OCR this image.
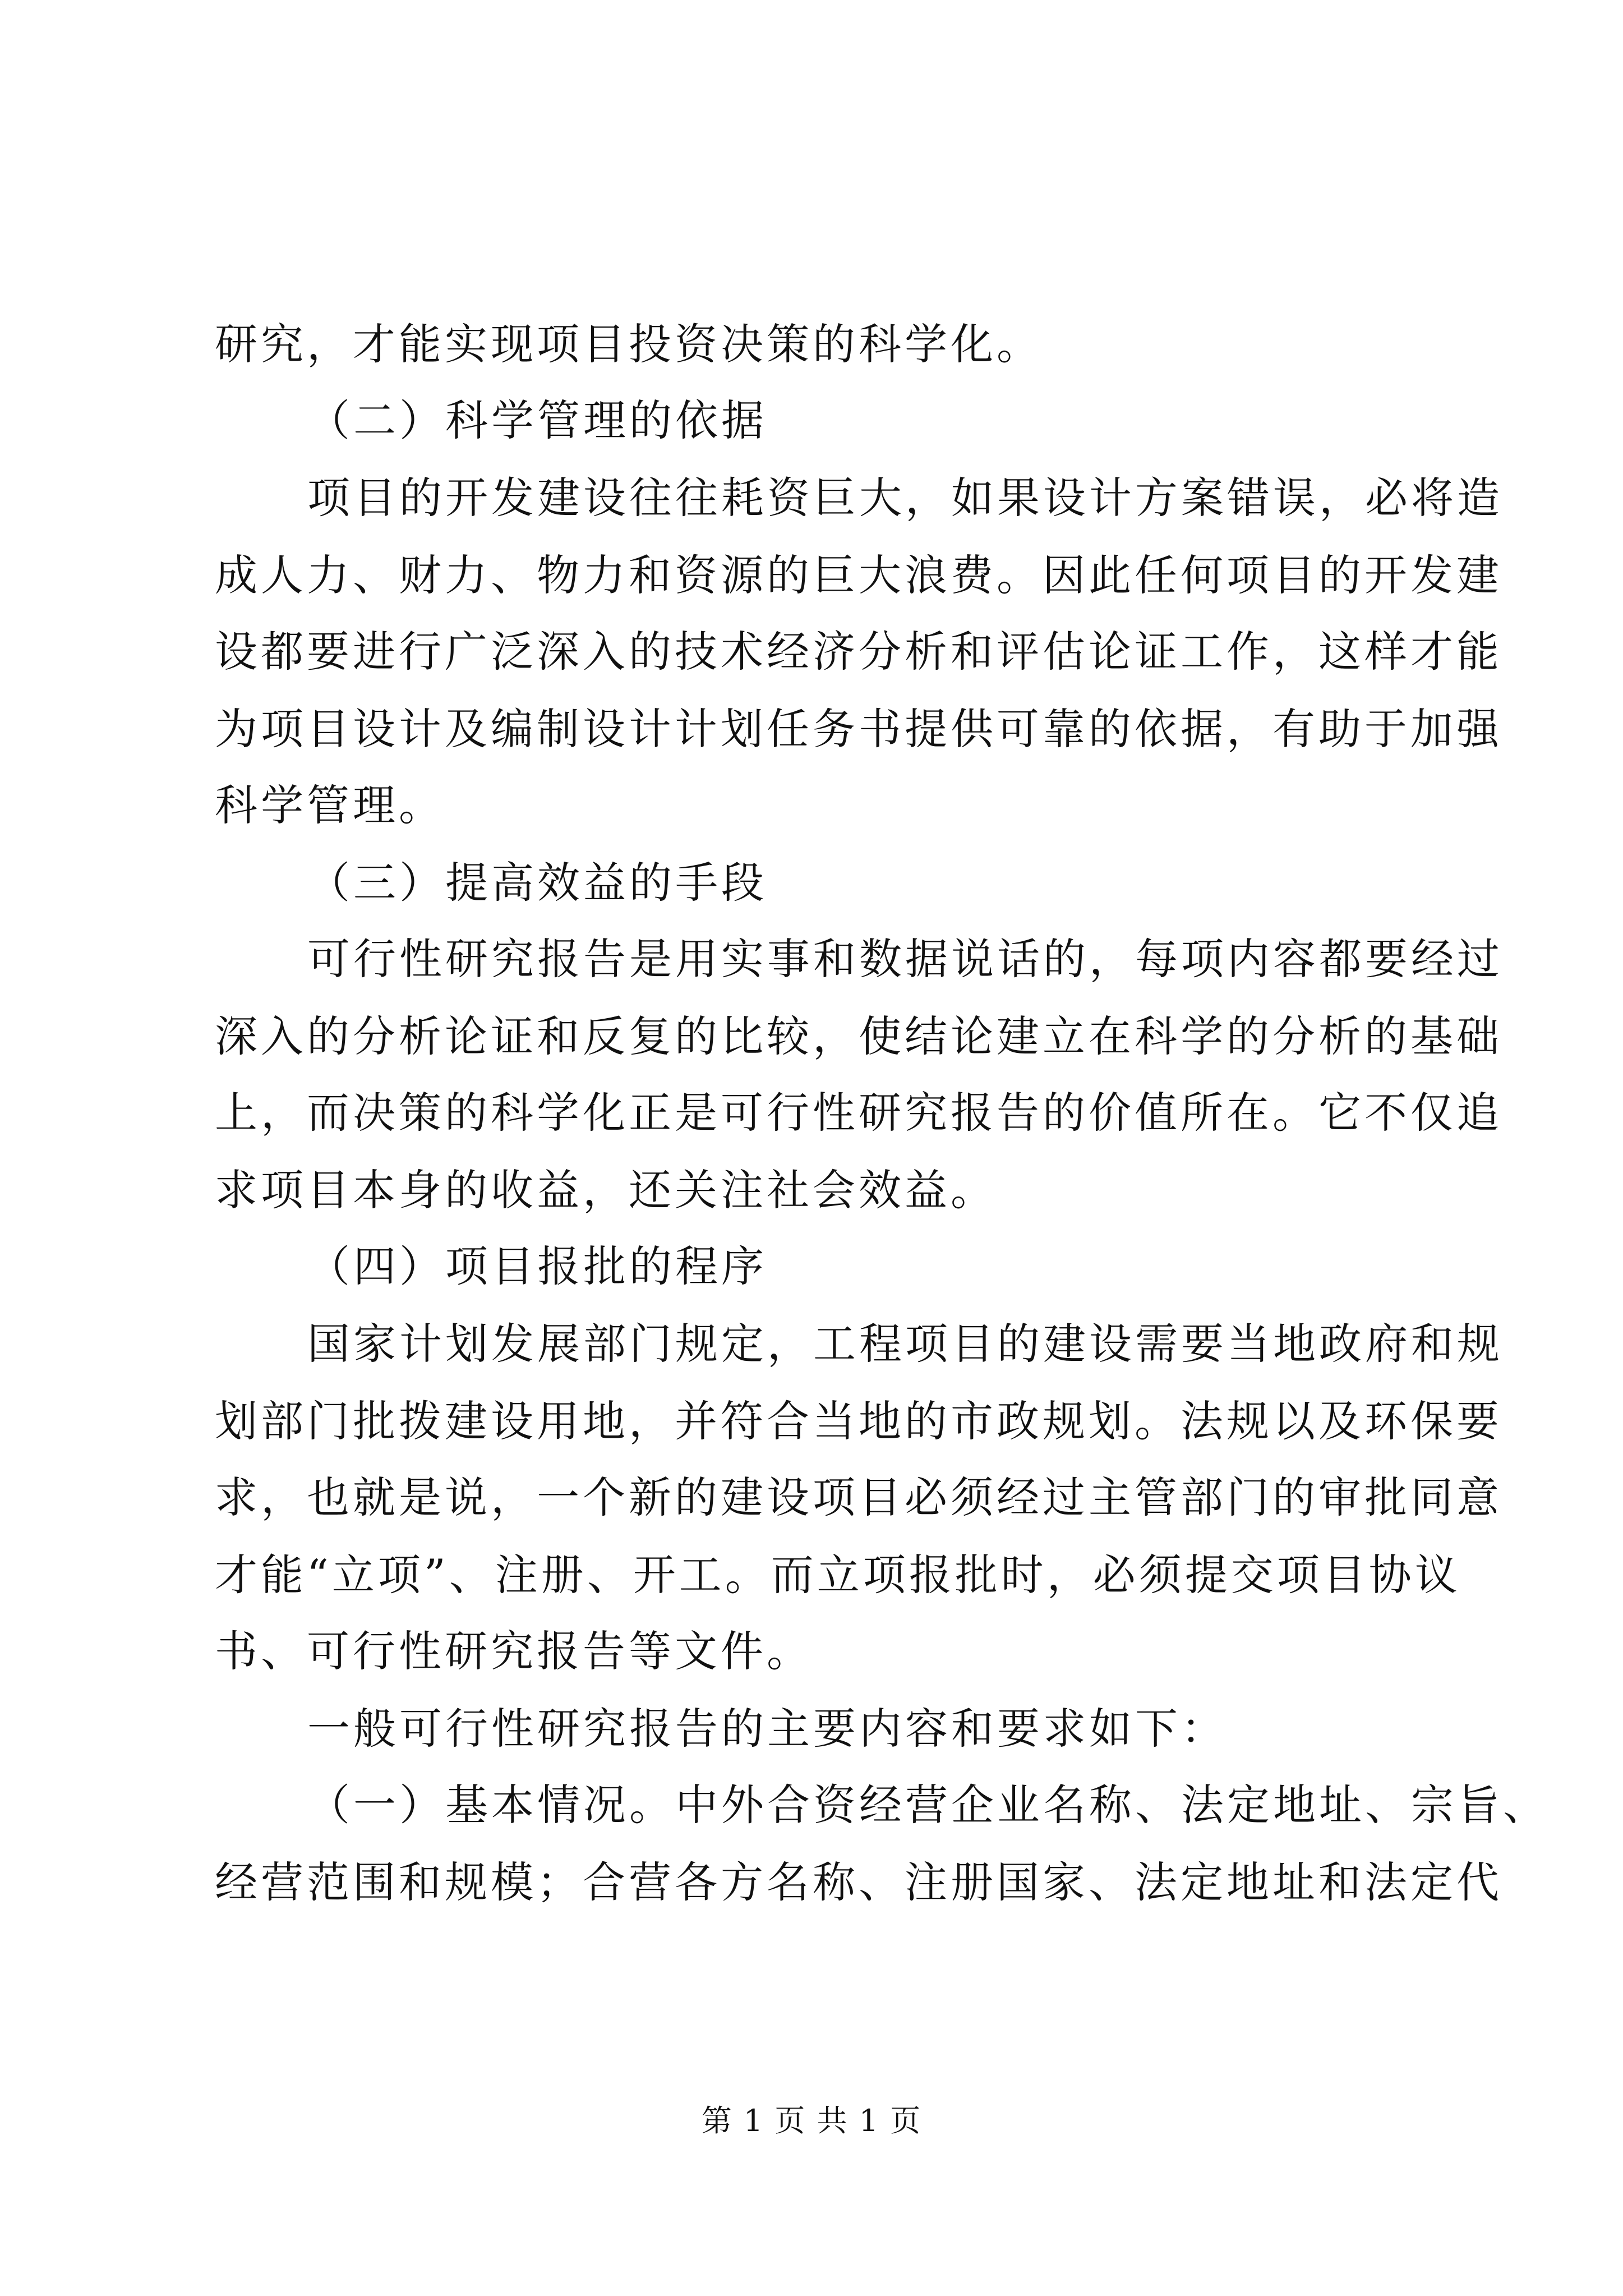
研究，才能实现项目投资决策的科学化。
（二）科学管理的依据
项目的开发建设往往耗资巨大，如果设计方案错误，必将造
成人力、财力、物力和资源的巨大浪费。因此任何项目的开发建
设都要进行广泛深入的技术经济分析和评估论证工作，这样才能
为项目设计及编制设计计划任务书提供可靠的依据，有助于加强
科学管理。
（三）提高效益的手段
可行性研究报告是用实事和数据说话的，每项内容都要经过
深入的分析论证和反复的比较，使结论建立在科学的分析的基础
上，而决策的科学化正是可行性研究报告的价值所在。它不仅追
求项目本身的收益，还关注社会效益。
（四）项目报批的程序
国家计划发展部门规定，工程项目的建设需要当地政府和规
划部门批拨建设用地，并符合当地的市政规划。法规以及环保要
求，也就是说，一个新的建设项目必须经过主管部门的审批同意
才能“立项”、注册、开工。而立项报批时，必须提交项目协议
书、可行性研究报告等文件。
一般可行性研究报告的主要内容和要求如下：
（一）基本情况。中外合资经营企业名称、法定地址、宗旨、
经营范围和规模；合营各方名称、注册国家、法定地址和法定代
第 1 页 共 1 页
